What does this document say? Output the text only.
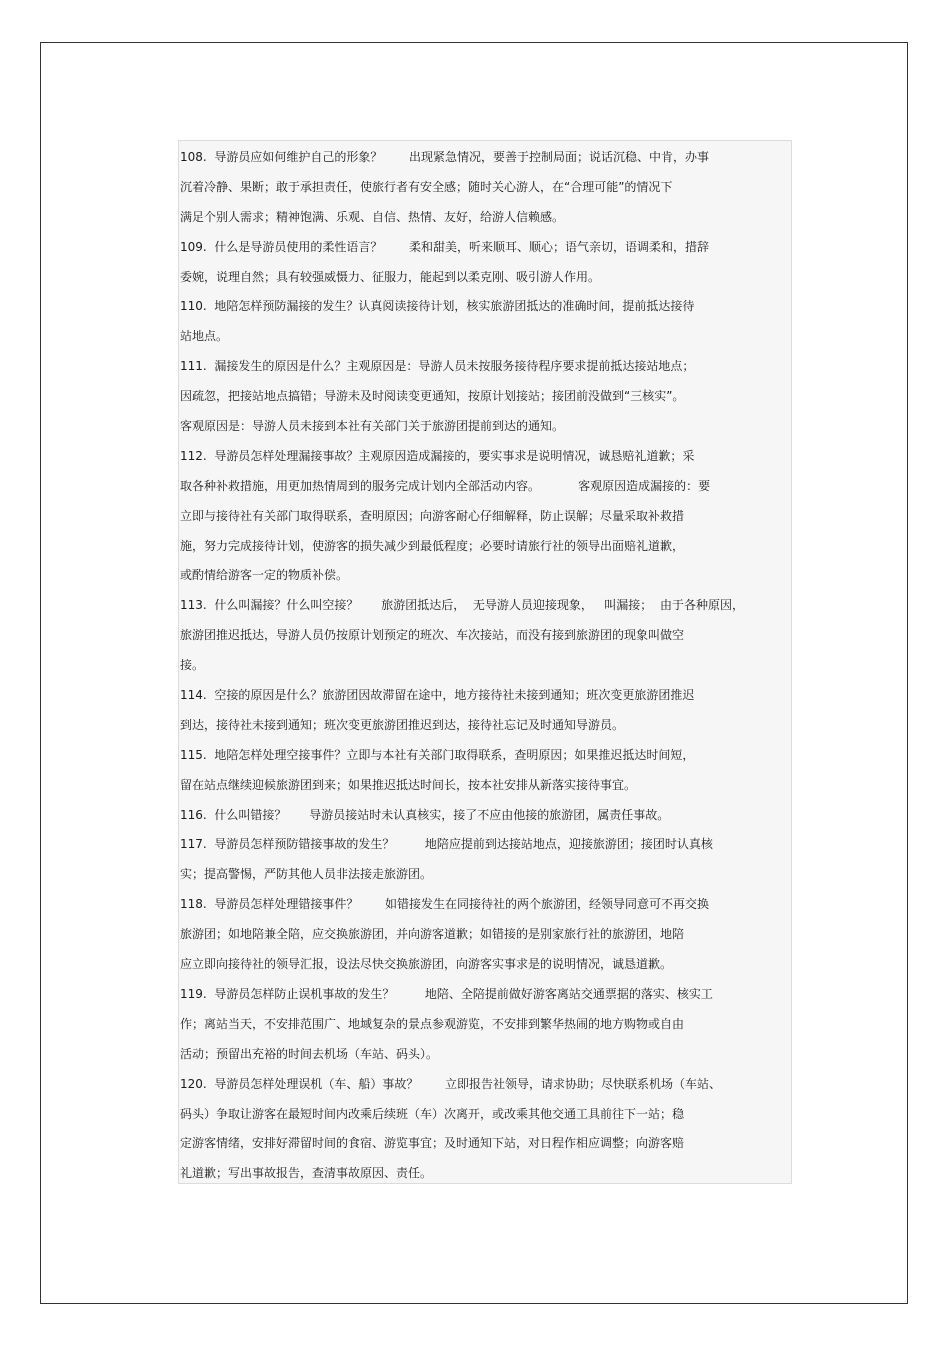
108.  导游员应如何维护自己的形象？       出现紧急情况，要善于控制局面；说话沉稳、中肯，办事
沉着冷静、果断；敢于承担责任，使旅行者有安全感；随时关心游人，在“合理可能”的情况下
满足个别人需求；精神饱满、乐观、自信、热情、友好，给游人信赖感。
109.  什么是导游员使用的柔性语言？       柔和甜美，听来顺耳、顺心；语气亲切，语调柔和，措辞
委婉，说理自然；具有较强威慑力、征服力，能起到以柔克刚、吸引游人作用。
110.  地陪怎样预防漏接的发生？认真阅读接待计划，核实旅游团抵达的准确时间，提前抵达接待
站地点。
111.  漏接发生的原因是什么？主观原因是：导游人员未按服务接待程序要求提前抵达接站地点；
因疏忽，把接站地点搞错；导游未及时阅读变更通知，按原计划接站；接团前没做到“三核实”。
客观原因是：导游人员未接到本社有关部门关于旅游团提前到达的通知。
112.  导游员怎样处理漏接事故？主观原因造成漏接的，要实事求是说明情况，诚恳赔礼道歉；采
取各种补救措施，用更加热情周到的服务完成计划内全部活动内容。          客观原因造成漏接的：要
立即与接待社有关部门取得联系，查明原因；向游客耐心仔细解释，防止误解；尽量采取补救措
施，努力完成接待计划，使游客的损失减少到最低程度；必要时请旅行社的领导出面赔礼道歉，
或酌情给游客一定的物质补偿。
113.  什么叫漏接？什么叫空接？      旅游团抵达后，  无导游人员迎接现象，   叫漏接；  由于各种原因，
旅游团推迟抵达，导游人员仍按原计划预定的班次、车次接站，而没有接到旅游团的现象叫做空
接。
114.  空接的原因是什么？旅游团因故滞留在途中，地方接待社未接到通知；班次变更旅游团推迟
到达，接待社未接到通知；班次变更旅游团推迟到达，接待社忘记及时通知导游员。
115.  地陪怎样处理空接事件？立即与本社有关部门取得联系，查明原因；如果推迟抵达时间短，
留在站点继续迎候旅游团到来；如果推迟抵达时间长，按本社安排从新落实接待事宜。
116.  什么叫错接？      导游员接站时未认真核实，接了不应由他接的旅游团，属责任事故。
117.  导游员怎样预防错接事故的发生？        地陪应提前到达接站地点，迎接旅游团；接团时认真核
实；提高警惕，严防其他人员非法接走旅游团。
118.  导游员怎样处理错接事件？       如错接发生在同接待社的两个旅游团，经领导同意可不再交换
旅游团；如地陪兼全陪，应交换旅游团，并向游客道歉；如错接的是别家旅行社的旅游团，地陪
应立即向接待社的领导汇报，设法尽快交换旅游团，向游客实事求是的说明情况，诚恳道歉。
119.  导游员怎样防止误机事故的发生？        地陪、全陪提前做好游客离站交通票据的落实、核实工
作；离站当天，不安排范围广、地域复杂的景点参观游览，不安排到繁华热闹的地方购物或自由
活动；预留出充裕的时间去机场（车站、码头）。
120.  导游员怎样处理误机（车、船）事故？       立即报告社领导，请求协助；尽快联系机场（车站、
码头）争取让游客在最短时间内改乘后续班（车）次离开，或改乘其他交通工具前往下一站；稳
定游客情绪，安排好滞留时间的食宿、游览事宜；及时通知下站，对日程作相应调整；向游客赔
礼道歉；写出事故报告，查清事故原因、责任。
